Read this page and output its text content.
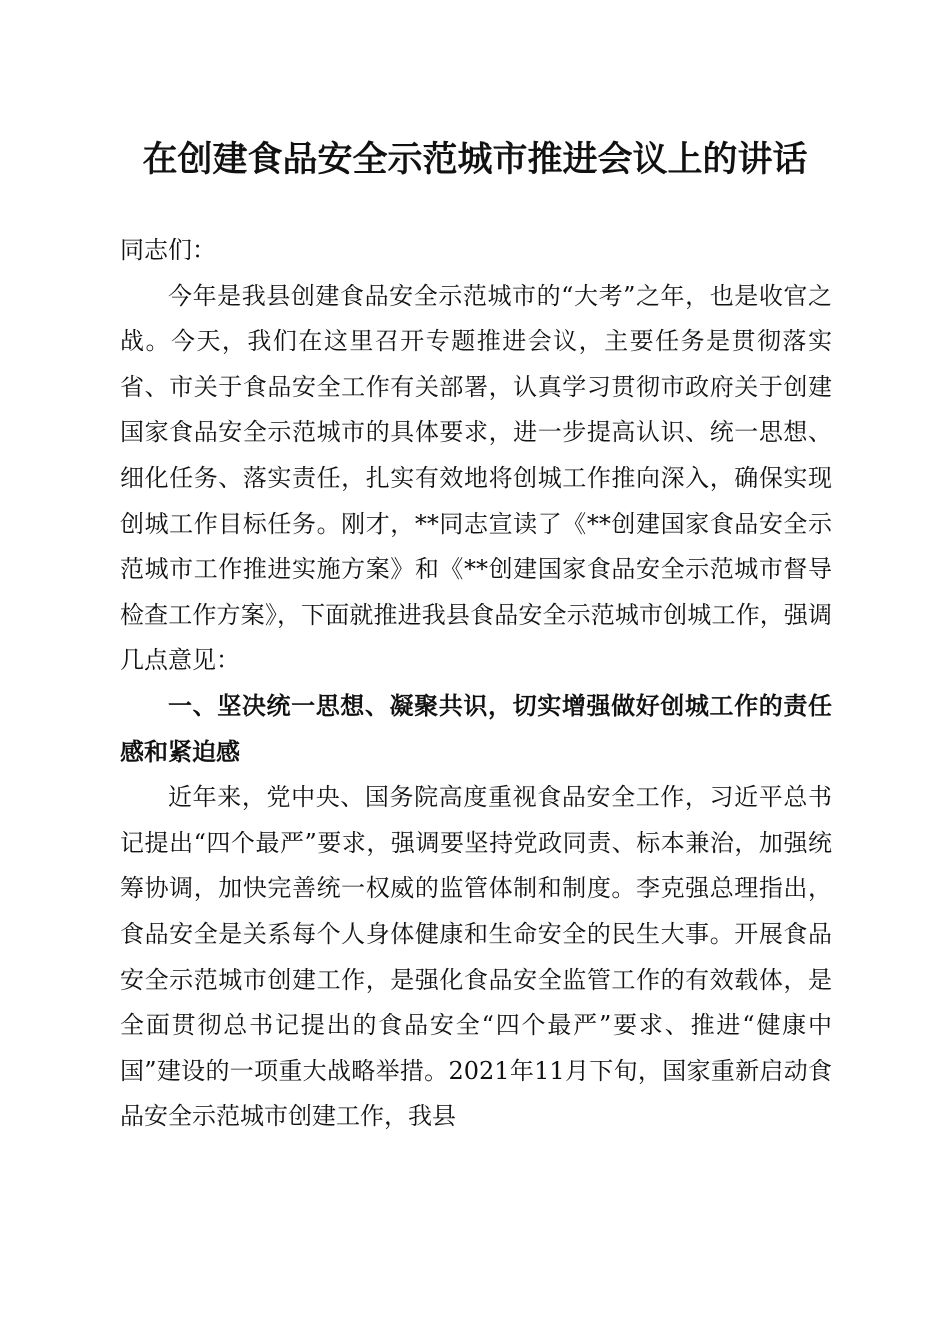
在创建食品安全示范城市推进会议上的讲话

同志们：

今年是我县创建食品安全示范城市的“大考”之年，也是收官之战。今天，我们在这里召开专题推进会议，主要任务是贯彻落实省、市关于食品安全工作有关部署，认真学习贯彻市政府关于创建国家食品安全示范城市的具体要求，进一步提高认识、统一思想、细化任务、落实责任，扎实有效地将创城工作推向深入，确保实现创城工作目标任务。刚才，**同志宣读了《**创建国家食品安全示范城市工作推进实施方案》和《**创建国家食品安全示范城市督导检查工作方案》，下面就推进我县食品安全示范城市创城工作，强调几点意见：

一、坚决统一思想、凝聚共识，切实增强做好创城工作的责任感和紧迫感

近年来，党中央、国务院高度重视食品安全工作，习近平总书记提出“四个最严”要求，强调要坚持党政同责、标本兼治，加强统筹协调，加快完善统一权威的监管体制和制度。李克强总理指出，食品安全是关系每个人身体健康和生命安全的民生大事。开展食品安全示范城市创建工作，是强化食品安全监管工作的有效载体，是全面贯彻总书记提出的食品安全“四个最严”要求、推进“健康中国”建设的一项重大战略举措。2021年11月下旬，国家重新启动食品安全示范城市创建工作，我县
